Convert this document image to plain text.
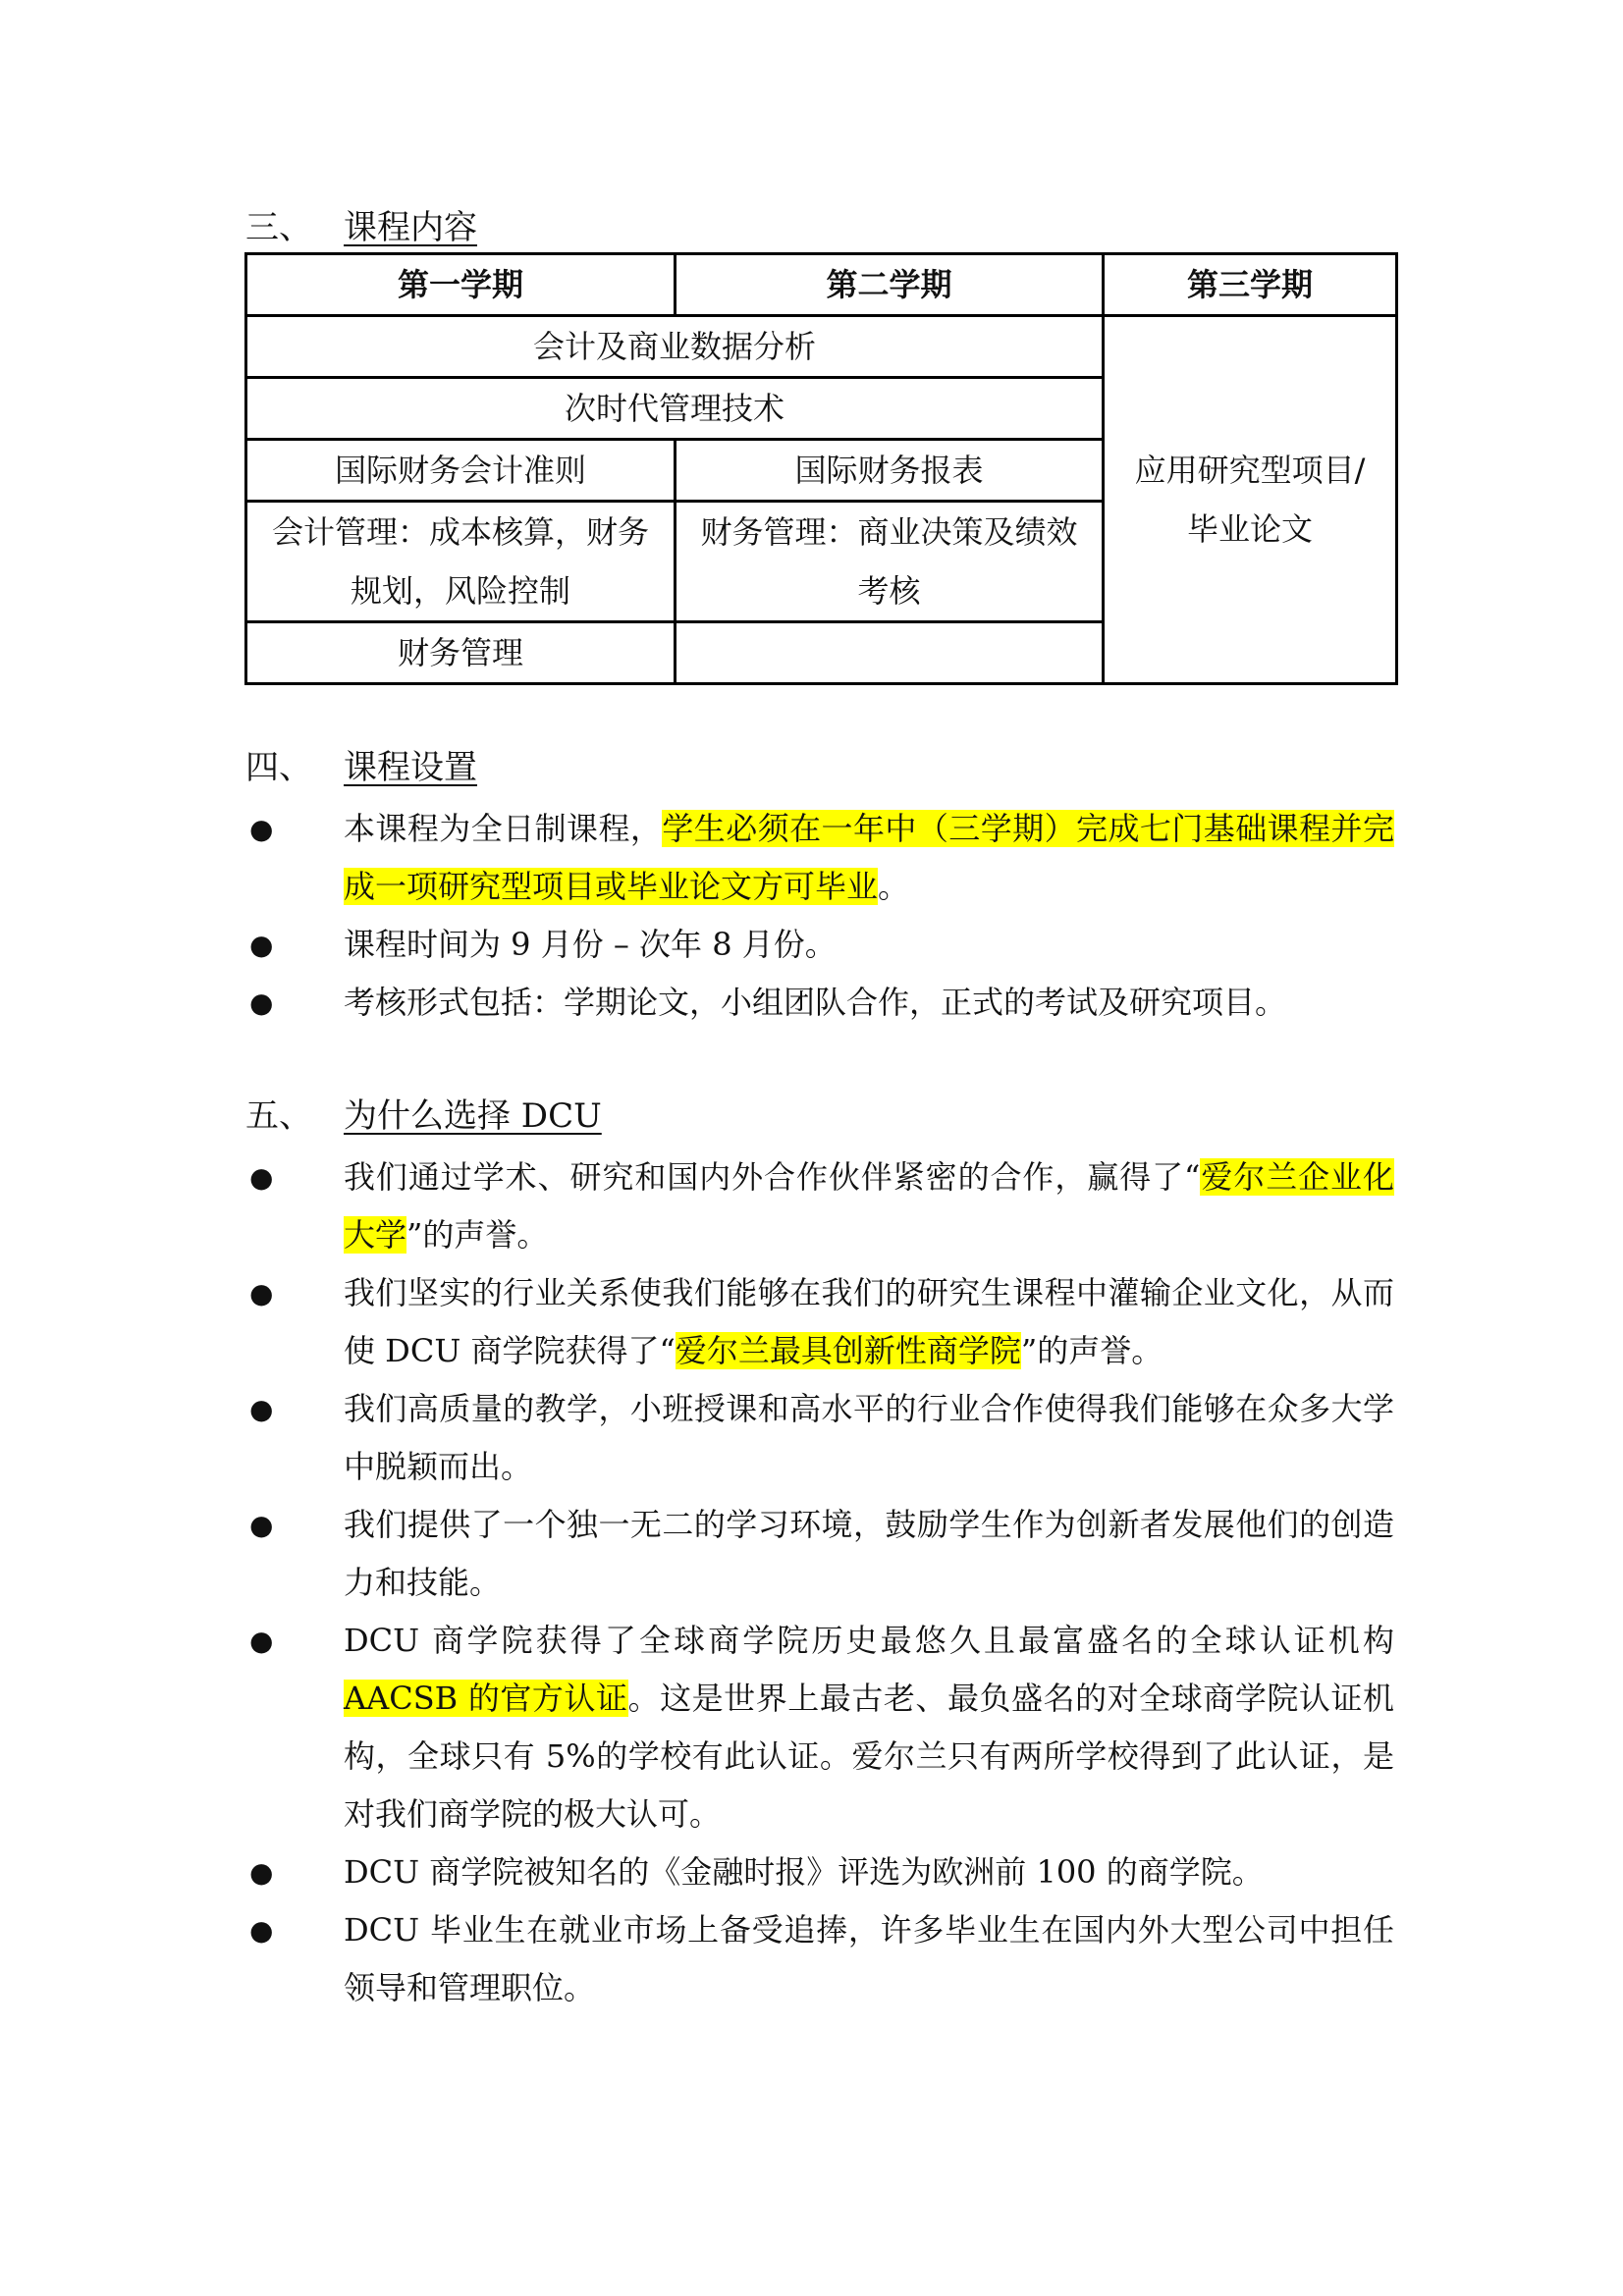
三、 课程内容
第一学期	第二学期	第三学期
会计及商业数据分析		应用研究型项目/毕业论文

次时代管理技术		
国际财务会计准则	国际财务报表	

会计管理：成本核算，财务规划，风险控制	财务管理：商业决策及绩效考核	

财务管理		
四、 课程设置
● 本课程为全日制课程，学生必须在一年中（三学期）完成七门基础课程并完成一项研究型项目或毕业论文方可毕业。
● 课程时间为 9 月份 – 次年 8 月份。
● 考核形式包括：学期论文，小组团队合作，正式的考试及研究项目。
五、 为什么选择 DCU
● 我们通过学术、研究和国内外合作伙伴紧密的合作，赢得了“爱尔兰企业化大学”的声誉。
● 我们坚实的行业关系使我们能够在我们的研究生课程中灌输企业文化，从而使 DCU 商学院获得了“爱尔兰最具创新性商学院”的声誉。
● 我们高质量的教学，小班授课和高水平的行业合作使得我们能够在众多大学中脱颖而出。
● 我们提供了一个独一无二的学习环境，鼓励学生作为创新者发展他们的创造力和技能。
● DCU 商学院获得了全球商学院历史最悠久且最富盛名的全球认证机构 AACSB 的官方认证。这是世界上最古老、最负盛名的对全球商学院认证机构，全球只有 5%的学校有此认证。爱尔兰只有两所学校得到了此认证，是对我们商学院的极大认可。
● DCU 商学院被知名的《金融时报》评选为欧洲前 100 的商学院。
● DCU 毕业生在就业市场上备受追捧，许多毕业生在国内外大型公司中担任领导和管理职位。
